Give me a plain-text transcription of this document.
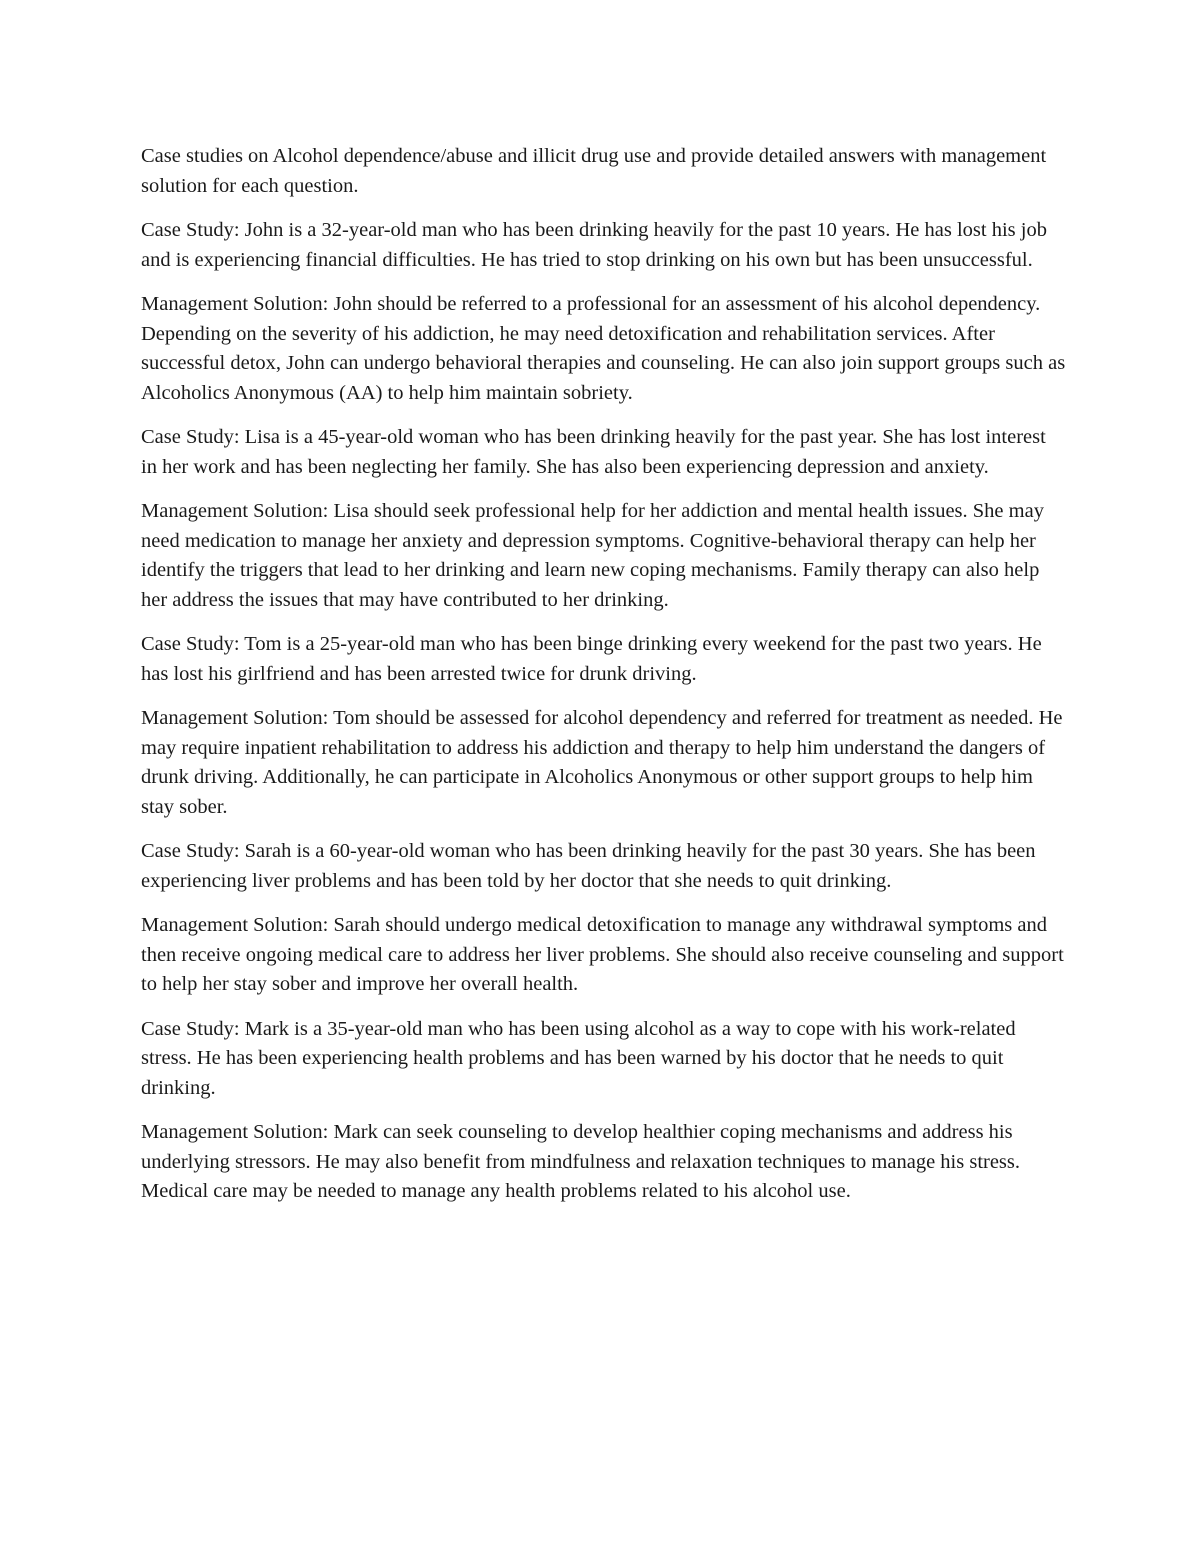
Case studies on Alcohol dependence/abuse and illicit drug use and provide detailed answers with management solution for each question.

Case Study: John is a 32-year-old man who has been drinking heavily for the past 10 years. He has lost his job and is experiencing financial difficulties. He has tried to stop drinking on his own but has been unsuccessful.

Management Solution: John should be referred to a professional for an assessment of his alcohol dependency. Depending on the severity of his addiction, he may need detoxification and rehabilitation services. After successful detox, John can undergo behavioral therapies and counseling. He can also join support groups such as Alcoholics Anonymous (AA) to help him maintain sobriety.

Case Study: Lisa is a 45-year-old woman who has been drinking heavily for the past year. She has lost interest in her work and has been neglecting her family. She has also been experiencing depression and anxiety.

Management Solution: Lisa should seek professional help for her addiction and mental health issues. She may need medication to manage her anxiety and depression symptoms. Cognitive-behavioral therapy can help her identify the triggers that lead to her drinking and learn new coping mechanisms. Family therapy can also help her address the issues that may have contributed to her drinking.

Case Study: Tom is a 25-year-old man who has been binge drinking every weekend for the past two years. He has lost his girlfriend and has been arrested twice for drunk driving.

Management Solution: Tom should be assessed for alcohol dependency and referred for treatment as needed. He may require inpatient rehabilitation to address his addiction and therapy to help him understand the dangers of drunk driving. Additionally, he can participate in Alcoholics Anonymous or other support groups to help him stay sober.

Case Study: Sarah is a 60-year-old woman who has been drinking heavily for the past 30 years. She has been experiencing liver problems and has been told by her doctor that she needs to quit drinking.

Management Solution: Sarah should undergo medical detoxification to manage any withdrawal symptoms and then receive ongoing medical care to address her liver problems. She should also receive counseling and support to help her stay sober and improve her overall health.

Case Study: Mark is a 35-year-old man who has been using alcohol as a way to cope with his work-related stress. He has been experiencing health problems and has been warned by his doctor that he needs to quit drinking.

Management Solution: Mark can seek counseling to develop healthier coping mechanisms and address his underlying stressors. He may also benefit from mindfulness and relaxation techniques to manage his stress. Medical care may be needed to manage any health problems related to his alcohol use.
